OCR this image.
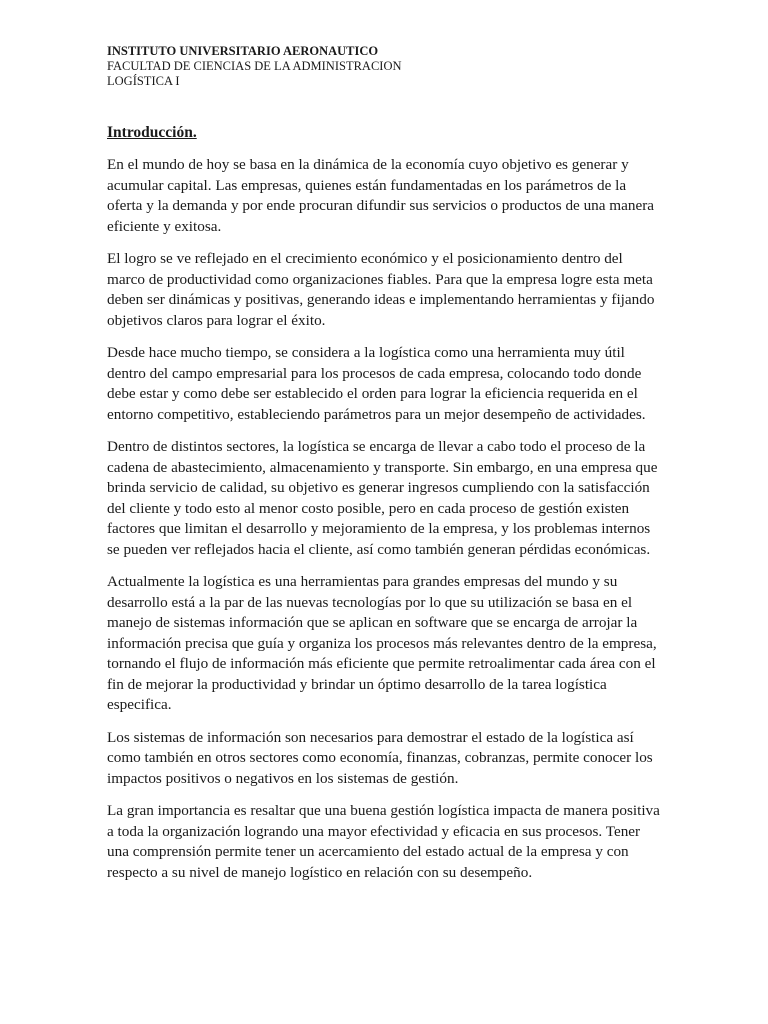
INSTITUTO UNIVERSITARIO AERONAUTICO

FACULTAD DE CIENCIAS DE LA ADMINISTRACION

LOGÍSTICA I

Introducción.

En el mundo de hoy se basa en la dinámica de la economía cuyo objetivo es generar y acumular capital. Las empresas, quienes están fundamentadas en los parámetros de la oferta y la demanda y por ende procuran difundir sus servicios o productos de una manera eficiente y exitosa.

El logro se ve reflejado en el crecimiento económico y el posicionamiento dentro del marco de productividad como organizaciones fiables. Para que la empresa logre esta meta deben ser dinámicas y positivas, generando ideas e implementando herramientas y fijando objetivos claros para lograr el éxito.

Desde hace mucho tiempo, se considera a la logística como una herramienta muy útil dentro del campo empresarial para los procesos de cada empresa, colocando todo donde debe estar y como debe ser establecido el orden para lograr la eficiencia requerida en el entorno competitivo, estableciendo parámetros para un mejor desempeño de actividades.

Dentro de distintos sectores, la logística se encarga de llevar a cabo todo el proceso de la cadena de abastecimiento, almacenamiento y transporte. Sin embargo, en una empresa que brinda servicio de calidad, su objetivo es generar ingresos cumpliendo con la satisfacción del cliente y todo esto al menor costo posible, pero en cada proceso de gestión existen factores que limitan el desarrollo y mejoramiento de la empresa, y los problemas internos se pueden ver reflejados hacia el cliente, así como también generan pérdidas económicas.

Actualmente la logística es una herramientas para grandes empresas del mundo y su desarrollo está a la par de las nuevas tecnologías por lo que su utilización se basa en el manejo de sistemas información que se aplican en software que se encarga de arrojar la información precisa que guía y organiza los procesos más relevantes dentro de la empresa, tornando el flujo de información más eficiente que permite retroalimentar cada área con el fin de mejorar la productividad y brindar un óptimo desarrollo de la tarea logística especifica.

Los sistemas de información son necesarios para demostrar el estado de la logística así como también en otros sectores como economía, finanzas, cobranzas, permite conocer los impactos positivos o negativos en los sistemas de gestión.

La gran importancia es resaltar que una buena gestión logística impacta de manera positiva a toda la organización logrando una mayor efectividad y eficacia en sus procesos. Tener una comprensión permite tener un acercamiento del estado actual de la empresa y con respecto a su nivel de manejo logístico en relación con su desempeño.
